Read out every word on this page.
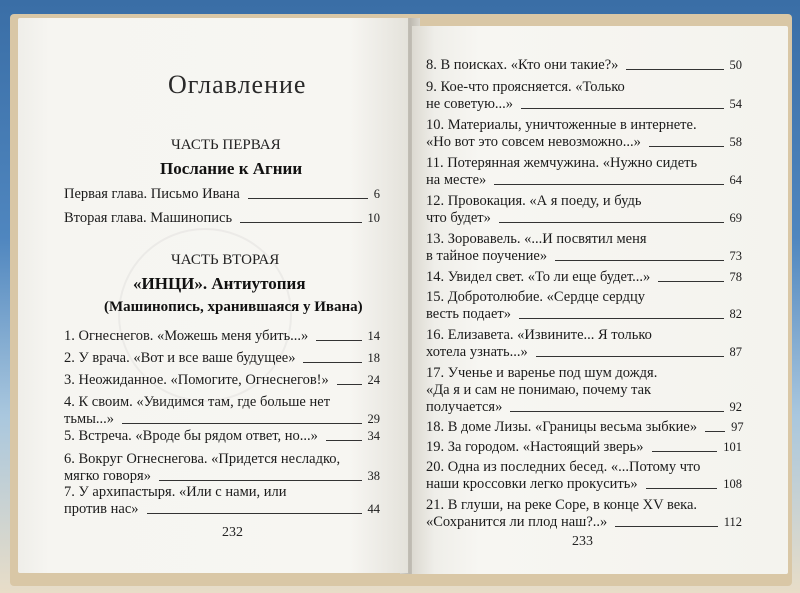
Оглавление
ЧАСТЬ ПЕРВАЯ
Послание к Агнии
Первая глава. Письмо Ивана	6
Вторая глава. Машинопись	10
ЧАСТЬ ВТОРАЯ
«ИНЦИ». Антиутопия
(Машинопись, хранившаяся у Ивана)
1. Огнеснегов. «Можешь меня убить...»	14
2. У врача. «Вот и все ваше будущее»	18
3. Неожиданное. «Помогите, Огнеснегов!»	24
4. К своим. «Увидимся там, где больше нет
тьмы...»	29
5. Встреча. «Вроде бы рядом ответ, но...»	34
6. Вокруг Огнеснегова. «Придется несладко,
мягко говоря»	38
7. У архипастыря. «Или с нами, или
против нас»	44
232
8. В поисках. «Кто они такие?»	50
9. Кое-что проясняется. «Только
не советую...»	54
10. Материалы, уничтоженные в интернете.
«Но вот это совсем невозможно...»	58
11. Потерянная жемчужина. «Нужно сидеть
на месте»	64
12. Провокация. «А я поеду, и будь
что будет»	69
13. Зоровавель. «...И посвятил меня
в тайное поучение»	73
14. Увидел свет. «То ли еще будет...»	78
15. Добротолюбие. «Сердце сердцу
весть подает»	82
16. Елизавета. «Извините... Я только
хотела узнать...»	87
17. Ученье и варенье под шум дождя.
«Да я и сам не понимаю, почему так
получается»	92
18. В доме Лизы. «Границы весьма зыбкие»	97
19. За городом. «Настоящий зверь»	101
20. Одна из последних бесед. «...Потому что
наши кроссовки легко прокусить»	108
21. В глуши, на реке Соре, в конце XV века.
«Сохранится ли плод наш?..»	112
233
